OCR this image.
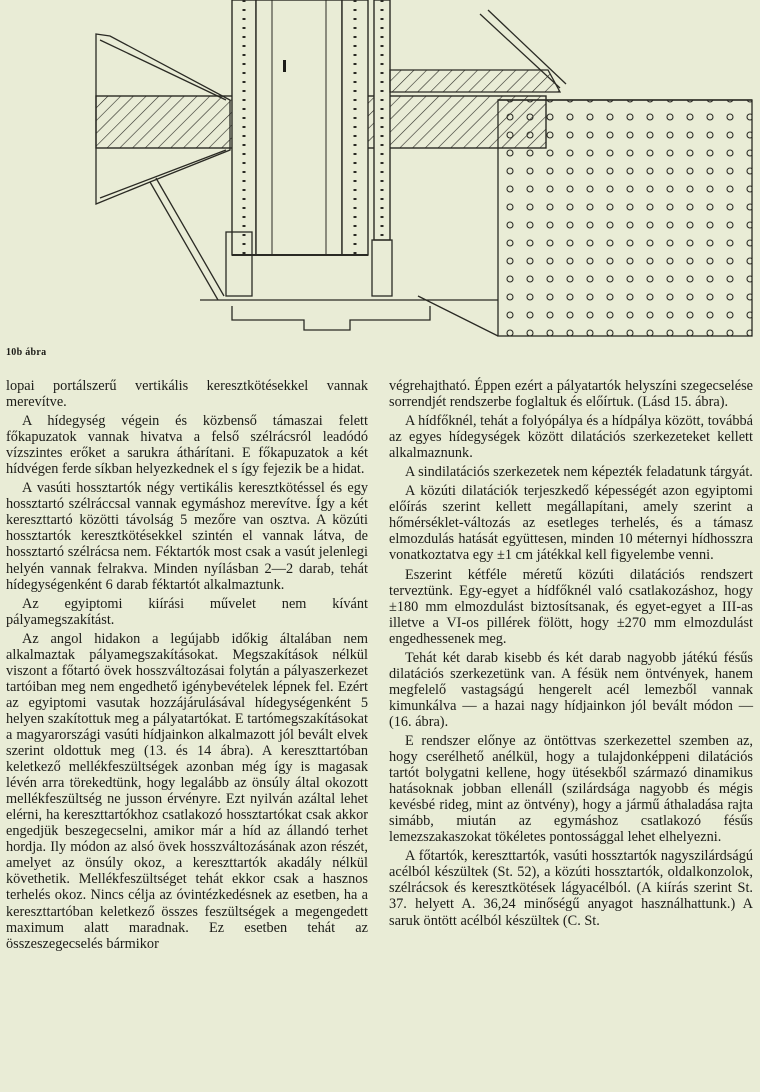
10b ábra

lopai portálszerű vertikális keresztkötésekkel vannak merevítve.

A hídegység végein és közbenső támaszai felett főkapuzatok vannak hivatva a felső szélrácsról leadódó vízszintes erőket a sarukra áthárítani. E főkapuzatok a két hídvégen ferde síkban helyezkednek el s így fejezik be a hidat.

A vasúti hossztartók négy vertikális keresztkötéssel és egy hossztartó szélráccsal vannak egymáshoz merevítve. Így a két kereszttartó közötti távolság 5 mezőre van osztva. A közúti hossztartók keresztkötésekkel szintén el vannak látva, de hossztartó szélrácsa nem. Féktartók most csak a vasút jelenlegi helyén vannak felrakva. Minden nyílásban 2—2 darab, tehát hídegységenként 6 darab féktartót alkalmaztunk.

Az egyiptomi kiírási művelet nem kívánt pályamegszakítást.

Az angol hidakon a legújabb időkig általában nem alkalmaztak pályamegszakításokat. Megszakítások nélkül viszont a főtartó övek hosszváltozásai folytán a pályaszerkezet tartóiban meg nem engedhető igénybevételek lépnek fel. Ezért az egyiptomi vasutak hozzájárulásával hídegységenként 5 helyen szakítottuk meg a pályatartókat. E tartómegszakításokat a magyarországi vasúti hídjainkon alkalmazott jól bevált elvek szerint oldottuk meg (13. és 14 ábra). A kereszttartóban keletkező mellékfeszültségek azonban még így is magasak lévén arra törekedtünk, hogy legalább az önsúly által okozott mellékfeszültség ne jusson érvényre. Ezt nyilván azáltal lehet elérni, ha kereszttartókhoz csatlakozó hossztartókat csak akkor engedjük beszegecselni, amikor már a híd az állandó terhet hordja. Ily módon az alsó övek hosszváltozásának azon részét, amelyet az önsúly okoz, a kereszttartók akadály nélkül követhetik. Mellékfeszültséget tehát ekkor csak a hasznos terhelés okoz. Nincs célja az óvintézkedésnek az esetben, ha a kereszttartóban keletkező összes feszültségek a megengedett maximum alatt maradnak. Ez esetben tehát az összeszegecselés bármikor

végrehajtható. Éppen ezért a pályatartók helyszíni szegecselése sorrendjét rendszerbe foglaltuk és előírtuk. (Lásd 15. ábra).

A hídfőknél, tehát a folyópálya és a hídpálya között, továbbá az egyes hídegységek között dilatációs szerkezeteket kellett alkalmaznunk.

A sindilatációs szerkezetek nem képezték feladatunk tárgyát.

A közúti dilatációk terjeszkedő képességét azon egyiptomi előírás szerint kellett megállapítani, amely szerint a hőmérséklet-változás az esetleges terhelés, és a támasz elmozdulás hatását együttesen, minden 10 méternyi hídhosszra vonatkoztatva egy ±1 cm játékkal kell figyelembe venni.

Eszerint kétféle méretű közúti dilatációs rendszert terveztünk. Egy-egyet a hídfőknél való csatlakozáshoz, hogy ±180 mm elmozdulást biztosítsanak, és egyet-egyet a III-as illetve a VI-os pillérek fölött, hogy ±270 mm elmozdulást engedhessenek meg.

Tehát két darab kisebb és két darab nagyobb játékú fésűs dilatációs szerkezetünk van. A fésük nem öntvények, hanem megfelelő vastagságú hengerelt acél lemezből vannak kimunkálva — a hazai nagy hídjainkon jól bevált módon — (16. ábra).

E rendszer előnye az öntöttvas szerkezettel szemben az, hogy cserélhető anélkül, hogy a tulajdonképpeni dilatációs tartót bolygatni kellene, hogy ütésekből származó dinamikus hatásoknak jobban ellenáll (szilárdsága nagyobb és mégis kevésbé rideg, mint az öntvény), hogy a jármű áthaladása rajta simább, miután az egymáshoz csatlakozó fésűs lemezszakaszokat tökéletes pontossággal lehet elhelyezni.

A főtartók, kereszttartók, vasúti hossztartók nagyszilárdságú acélból készültek (St. 52), a közúti hossztartók, oldalkonzolok, szélrácsok és keresztkötések lágyacélból. (A kiírás szerint St. 37. helyett A. 36,24 minőségű anyagot használhattunk.) A saruk öntött acélból készültek (C. St.
